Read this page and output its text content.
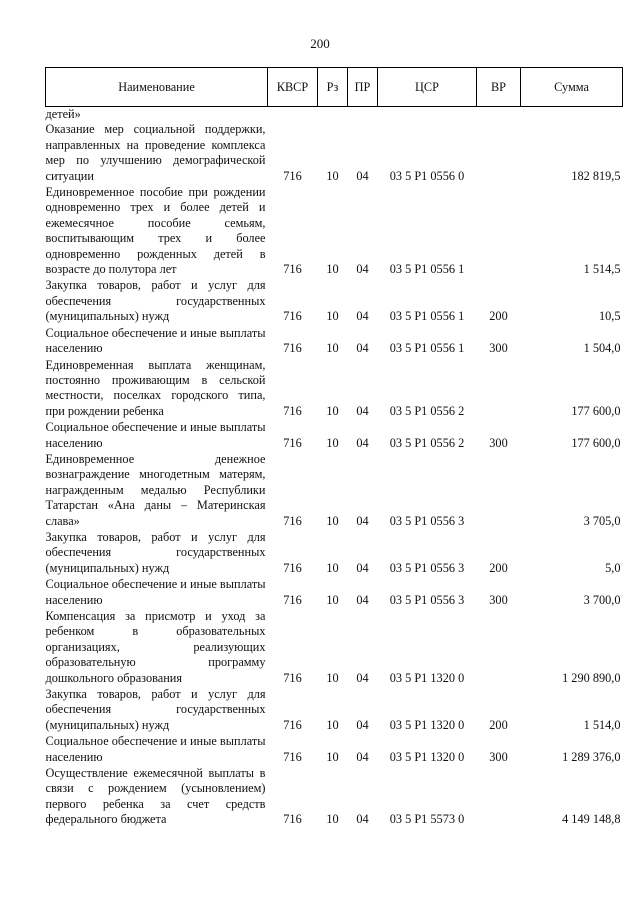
200
Наименование	КВСР	Рз	ПР	ЦСР	ВР	Сумма
детей»						
Оказание мер социальной поддержки, направленных на проведение комплекса мер по улучшению демографической ситуации	716	10	04	03 5 P1 0556 0		182 819,5
Единовременное пособие при рождении одновременно трех и более детей и ежемесячное пособие семьям, воспитывающим трех и более одновременно рожденных детей в возрасте до полутора лет	716	10	04	03 5 P1 0556 1		1 514,5
Закупка товаров, работ и услуг для обеспечения государственных (муниципальных) нужд	716	10	04	03 5 P1 0556 1	200	10,5
Социальное обеспечение и иные выплаты населению	716	10	04	03 5 P1 0556 1	300	1 504,0
Единовременная выплата женщинам, постоянно проживающим в сельской местности, поселках городского типа, при рождении ребенка	716	10	04	03 5 P1 0556 2		177 600,0
Социальное обеспечение и иные выплаты населению	716	10	04	03 5 P1 0556 2	300	177 600,0
Единовременное денежное вознаграждение многодетным матерям, награжденным медалью Республики Татарстан «Ана даны – Материнская слава»	716	10	04	03 5 P1 0556 3		3 705,0
Закупка товаров, работ и услуг для обеспечения государственных (муниципальных) нужд	716	10	04	03 5 P1 0556 3	200	5,0
Социальное обеспечение и иные выплаты населению	716	10	04	03 5 P1 0556 3	300	3 700,0
Компенсация за присмотр и уход за ребенком в образовательных организациях, реализующих образовательную программу дошкольного образования	716	10	04	03 5 P1 1320 0		1 290 890,0
Закупка товаров, работ и услуг для обеспечения государственных (муниципальных) нужд	716	10	04	03 5 P1 1320 0	200	1 514,0
Социальное обеспечение и иные выплаты населению	716	10	04	03 5 P1 1320 0	300	1 289 376,0
Осуществление ежемесячной выплаты в связи с рождением (усыновлением) первого ребенка за счет средств федерального бюджета	716	10	04	03 5 P1 5573 0		4 149 148,8
